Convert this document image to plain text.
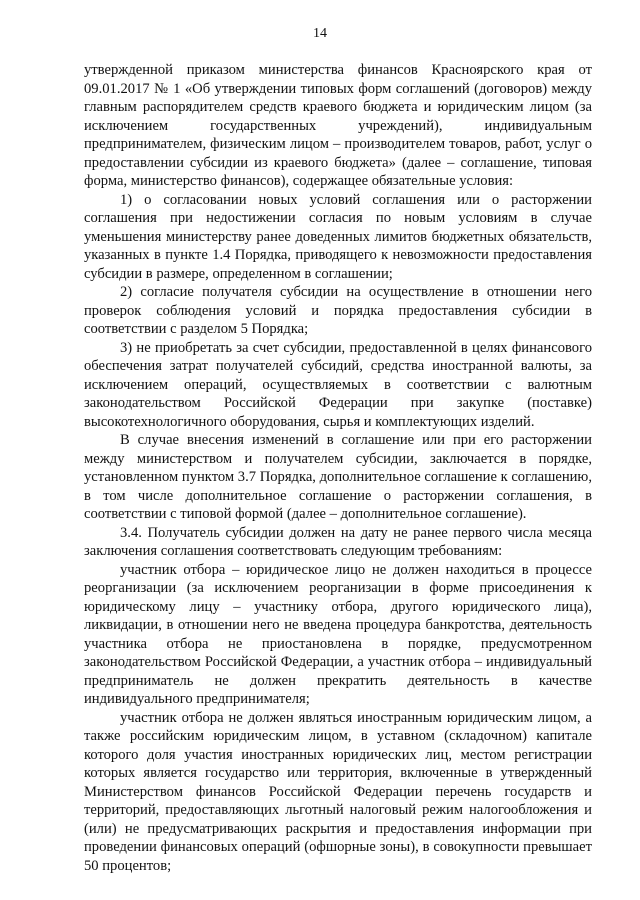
14

утвержденной приказом министерства финансов Красноярского края от 09.01.2017 № 1 «Об утверждении типовых форм соглашений (договоров) между главным распорядителем средств краевого бюджета и юридическим лицом (за исключением государственных учреждений), индивидуальным предпринимателем, физическим лицом – производителем товаров, работ, услуг о предоставлении субсидии из краевого бюджета» (далее – соглашение, типовая форма, министерство финансов), содержащее обязательные условия:

1) о согласовании новых условий соглашения или о расторжении соглашения при недостижении согласия по новым условиям в случае уменьшения министерству ранее доведенных лимитов бюджетных обязательств, указанных в пункте 1.4 Порядка, приводящего к невозможности предоставления субсидии в размере, определенном в соглашении;

2) согласие получателя субсидии на осуществление в отношении него проверок соблюдения условий и порядка предоставления субсидии в соответствии с разделом 5 Порядка;

3) не приобретать за счет субсидии, предоставленной в целях финансового обеспечения затрат получателей субсидий, средства иностранной валюты, за исключением операций, осуществляемых в соответствии с валютным законодательством Российской Федерации при закупке (поставке) высокотехнологичного оборудования, сырья и комплектующих изделий.

В случае внесения изменений в соглашение или при его расторжении между министерством и получателем субсидии, заключается в порядке, установленном пунктом 3.7 Порядка, дополнительное соглашение к соглашению, в том числе дополнительное соглашение о расторжении соглашения, в соответствии с типовой формой (далее – дополнительное соглашение).

3.4. Получатель субсидии должен на дату не ранее первого числа месяца заключения соглашения соответствовать следующим требованиям:

участник отбора – юридическое лицо не должен находиться в процессе реорганизации (за исключением реорганизации в форме присоединения к юридическому лицу – участнику отбора, другого юридического лица), ликвидации, в отношении него не введена процедура банкротства, деятельность участника отбора не приостановлена в порядке, предусмотренном законодательством Российской Федерации, а участник отбора – индивидуальный предприниматель не должен прекратить деятельность в качестве индивидуального предпринимателя;

участник отбора не должен являться иностранным юридическим лицом, а также российским юридическим лицом, в уставном (складочном) капитале которого доля участия иностранных юридических лиц, местом регистрации которых является государство или территория, включенные в утвержденный Министерством финансов Российской Федерации перечень государств и территорий, предоставляющих льготный налоговый режим налогообложения и (или) не предусматривающих раскрытия и предоставления информации при проведении финансовых операций (офшорные зоны), в совокупности превышает 50 процентов;
